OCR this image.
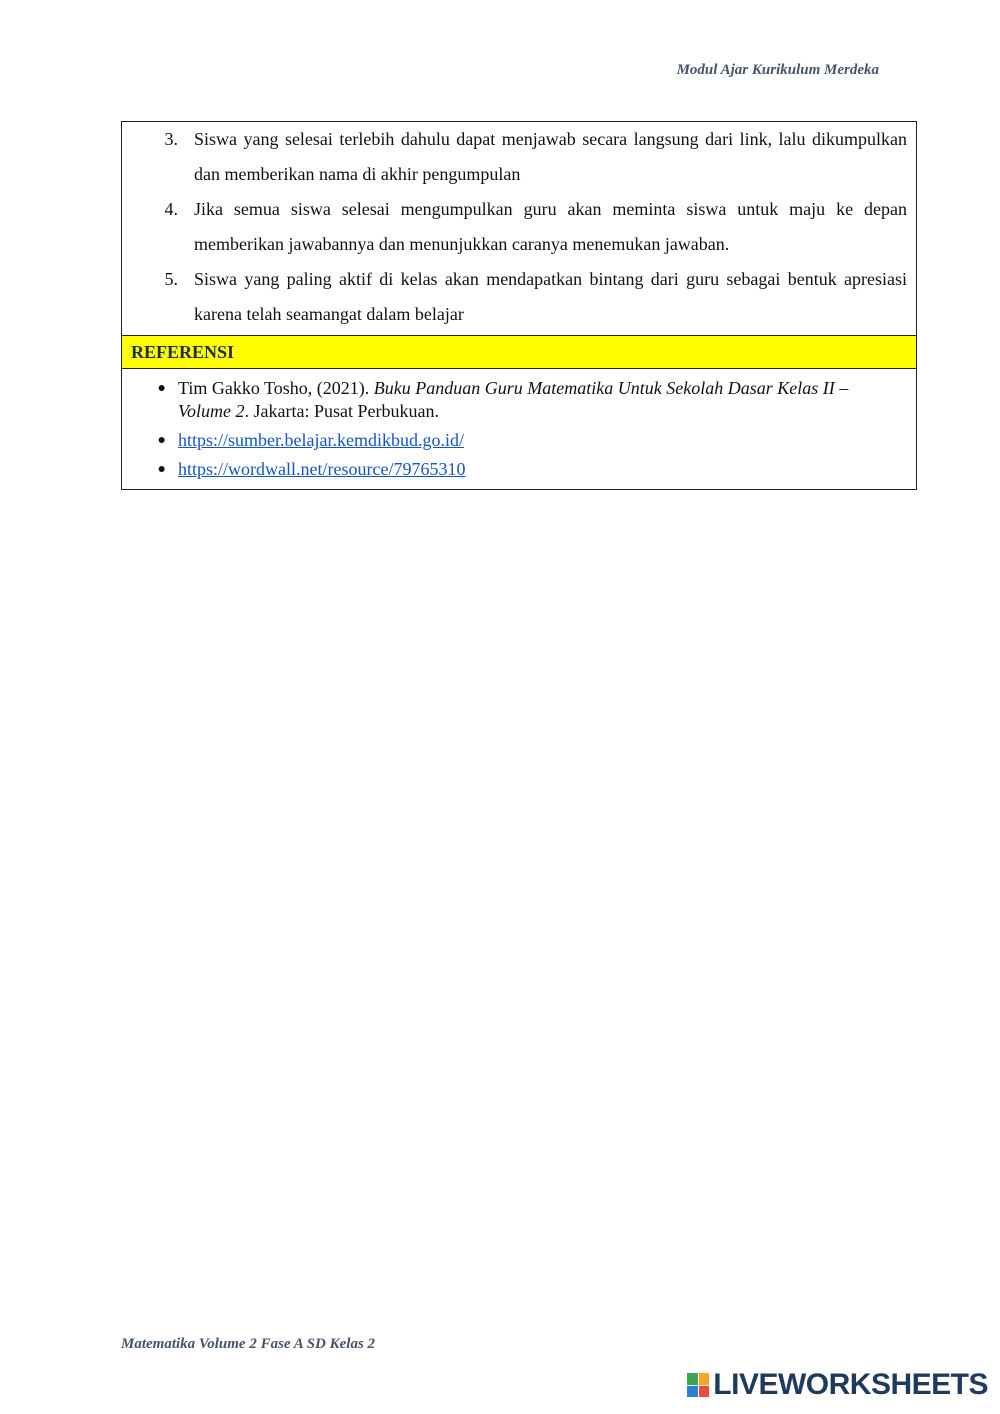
Modul Ajar Kurikulum Merdeka
3. Siswa yang selesai terlebih dahulu dapat menjawab secara langsung dari link, lalu dikumpulkan dan memberikan nama di akhir pengumpulan
4. Jika semua siswa selesai mengumpulkan guru akan meminta siswa untuk maju ke depan memberikan jawabannya dan menunjukkan caranya menemukan jawaban.
5. Siswa yang paling aktif di kelas akan mendapatkan bintang dari guru sebagai bentuk apresiasi karena telah seamangat dalam belajar
REFERENSI
● Tim Gakko Tosho, (2021). Buku Panduan Guru Matematika Untuk Sekolah Dasar Kelas II – Volume 2. Jakarta: Pusat Perbukuan.
● https://sumber.belajar.kemdikbud.go.id/
● https://wordwall.net/resource/79765310
Matematika Volume 2 Fase A SD Kelas 2
LIVEWORKSHEETS
